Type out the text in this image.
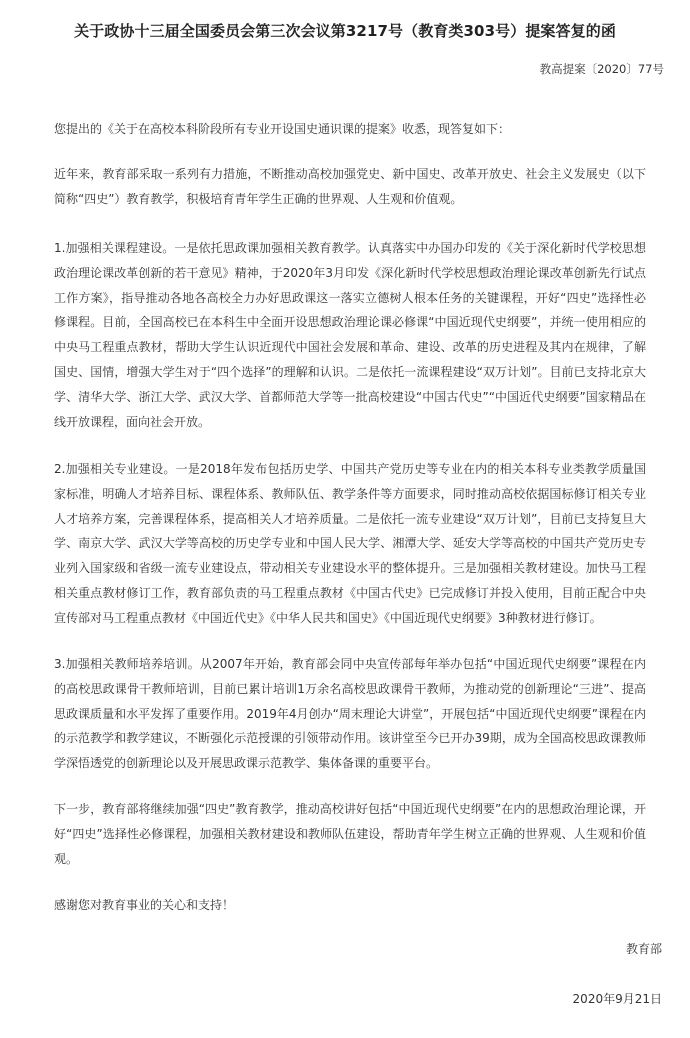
关于政协十三届全国委员会第三次会议第3217号（教育类303号）提案答复的函
教高提案〔2020〕77号

您提出的《关于在高校本科阶段所有专业开设国史通识课的提案》收悉，现答复如下：

近年来，教育部采取一系列有力措施，不断推动高校加强党史、新中国史、改革开放史、社会主义发展史（以下简称“四史”）教育教学，积极培育青年学生正确的世界观、人生观和价值观。

1.加强相关课程建设。一是依托思政课加强相关教育教学。认真落实中办国办印发的《关于深化新时代学校思想政治理论课改革创新的若干意见》精神，于2020年3月印发《深化新时代学校思想政治理论课改革创新先行试点工作方案》，指导推动各地各高校全力办好思政课这一落实立德树人根本任务的关键课程，开好“四史”选择性必修课程。目前，全国高校已在本科生中全面开设思想政治理论课必修课“中国近现代史纲要”，并统一使用相应的中央马工程重点教材，帮助大学生认识近现代中国社会发展和革命、建设、改革的历史进程及其内在规律，了解国史、国情，增强大学生对于“四个选择”的理解和认识。二是依托一流课程建设“双万计划”。目前已支持北京大学、清华大学、浙江大学、武汉大学、首都师范大学等一批高校建设“中国古代史”“中国近代史纲要”国家精品在线开放课程，面向社会开放。

2.加强相关专业建设。一是2018年发布包括历史学、中国共产党历史等专业在内的相关本科专业类教学质量国家标准，明确人才培养目标、课程体系、教师队伍、教学条件等方面要求，同时推动高校依据国标修订相关专业人才培养方案，完善课程体系，提高相关人才培养质量。二是依托一流专业建设“双万计划”，目前已支持复旦大学、南京大学、武汉大学等高校的历史学专业和中国人民大学、湘潭大学、延安大学等高校的中国共产党历史专业列入国家级和省级一流专业建设点，带动相关专业建设水平的整体提升。三是加强相关教材建设。加快马工程相关重点教材修订工作，教育部负责的马工程重点教材《中国古代史》已完成修订并投入使用，目前正配合中央宣传部对马工程重点教材《中国近代史》《中华人民共和国史》《中国近现代史纲要》3种教材进行修订。

3.加强相关教师培养培训。从2007年开始，教育部会同中央宣传部每年举办包括“中国近现代史纲要”课程在内的高校思政课骨干教师培训，目前已累计培训1万余名高校思政课骨干教师，为推动党的创新理论“三进”、提高思政课质量和水平发挥了重要作用。2019年4月创办“周末理论大讲堂”，开展包括“中国近现代史纲要”课程在内的示范教学和教学建议，不断强化示范授课的引领带动作用。该讲堂至今已开办39期，成为全国高校思政课教师学深悟透党的创新理论以及开展思政课示范教学、集体备课的重要平台。

下一步，教育部将继续加强“四史”教育教学，推动高校讲好包括“中国近现代史纲要”在内的思想政治理论课，开好“四史”选择性必修课程，加强相关教材建设和教师队伍建设，帮助青年学生树立正确的世界观、人生观和价值观。

感谢您对教育事业的关心和支持！

教育部
2020年9月21日
